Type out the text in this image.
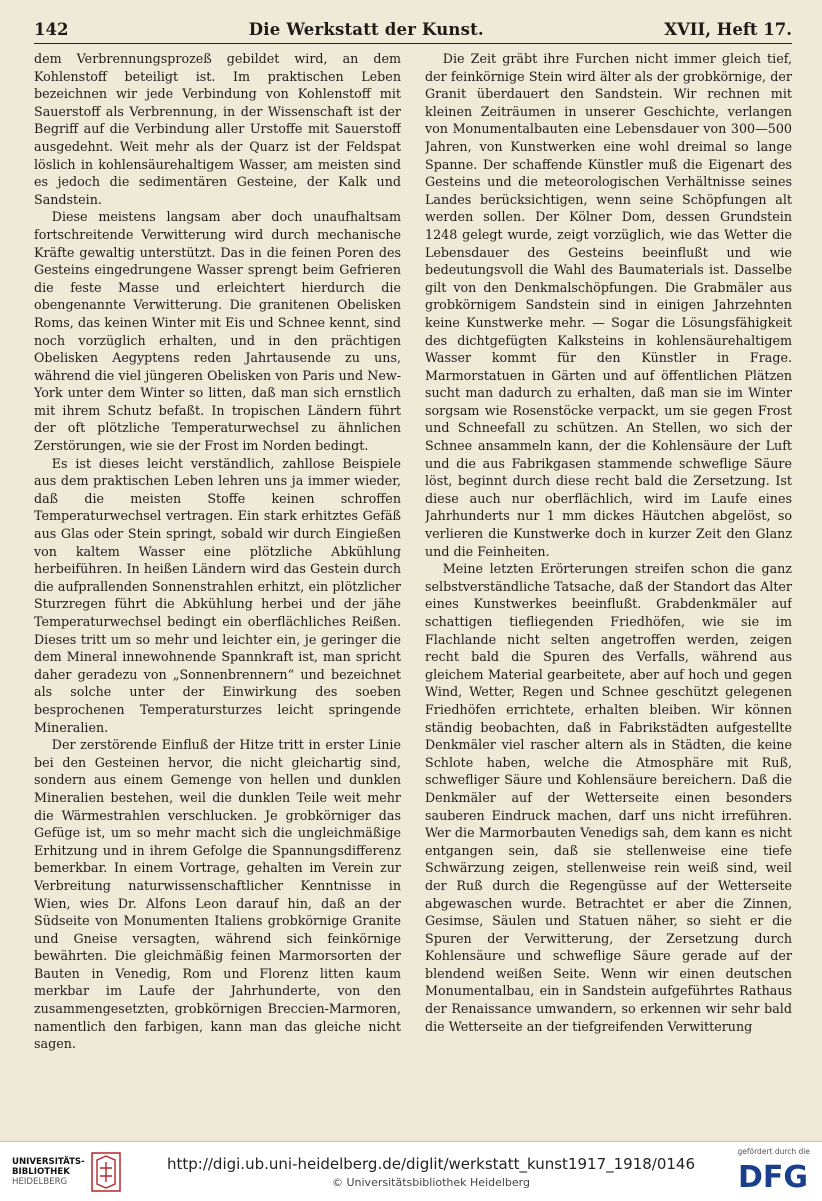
142	Die Werkstatt der Kunst.	XVII, Heft 17.

dem Verbrennungsprozeß gebildet wird, an dem Kohlenstoff beteiligt ist. Im praktischen Leben bezeichnen wir jede Verbindung von Kohlenstoff mit Sauerstoff als Verbrennung, in der Wissenschaft ist der Begriff auf die Verbindung aller Urstoffe mit Sauerstoff ausgedehnt. Weit mehr als der Quarz ist der Feldspat löslich in kohlensäurehaltigem Wasser, am meisten sind es jedoch die sedimentären Gesteine, der Kalk und Sandstein.

Diese meistens langsam aber doch unaufhaltsam fortschreitende Verwitterung wird durch mechanische Kräfte gewaltig unterstützt. Das in die feinen Poren des Gesteins eingedrungene Wasser sprengt beim Gefrieren die feste Masse und erleichtert hierdurch die obengenannte Verwitterung. Die granitenen Obelisken Roms, das keinen Winter mit Eis und Schnee kennt, sind noch vorzüglich erhalten, und in den prächtigen Obelisken Aegyptens reden Jahrtausende zu uns, während die viel jüngeren Obelisken von Paris und New-York unter dem Winter so litten, daß man sich ernstlich mit ihrem Schutz befaßt. In tropischen Ländern führt der oft plötzliche Temperaturwechsel zu ähnlichen Zerstörungen, wie sie der Frost im Norden bedingt.

Es ist dieses leicht verständlich, zahllose Beispiele aus dem praktischen Leben lehren uns ja immer wieder, daß die meisten Stoffe keinen schroffen Temperaturwechsel vertragen. Ein stark erhitztes Gefäß aus Glas oder Stein springt, sobald wir durch Eingießen von kaltem Wasser eine plötzliche Abkühlung herbeiführen. In heißen Ländern wird das Gestein durch die aufprallenden Sonnenstrahlen erhitzt, ein plötzlicher Sturzregen führt die Abkühlung herbei und der jähe Temperaturwechsel bedingt ein oberflächliches Reißen. Dieses tritt um so mehr und leichter ein, je geringer die dem Mineral innewohnende Spannkraft ist, man spricht daher geradezu von „Sonnenbrennern“ und bezeichnet als solche unter der Einwirkung des soeben besprochenen Temperatursturzes leicht springende Mineralien.

Der zerstörende Einfluß der Hitze tritt in erster Linie bei den Gesteinen hervor, die nicht gleichartig sind, sondern aus einem Gemenge von hellen und dunklen Mineralien bestehen, weil die dunklen Teile weit mehr die Wärmestrahlen verschlucken. Je grobkörniger das Gefüge ist, um so mehr macht sich die ungleichmäßige Erhitzung und in ihrem Gefolge die Spannungsdifferenz bemerkbar. In einem Vortrage, gehalten im Verein zur Verbreitung naturwissenschaftlicher Kenntnisse in Wien, wies Dr. Alfons Leon darauf hin, daß an der Südseite von Monumenten Italiens grobkörnige Granite und Gneise versagten, während sich feinkörnige bewährten. Die gleichmäßig feinen Marmorsorten der Bauten in Venedig, Rom und Florenz litten kaum merkbar im Laufe der Jahrhunderte, von den zusammengesetzten, grobkörnigen Breccien-Marmoren, namentlich den farbigen, kann man das gleiche nicht sagen.

Die Zeit gräbt ihre Furchen nicht immer gleich tief, der feinkörnige Stein wird älter als der grobkörnige, der Granit überdauert den Sandstein. Wir rechnen mit kleinen Zeiträumen in unserer Geschichte, verlangen von Monumentalbauten eine Lebensdauer von 300—500 Jahren, von Kunstwerken eine wohl dreimal so lange Spanne. Der schaffende Künstler muß die Eigenart des Gesteins und die meteorologischen Verhältnisse seines Landes berücksichtigen, wenn seine Schöpfungen alt werden sollen. Der Kölner Dom, dessen Grundstein 1248 gelegt wurde, zeigt vorzüglich, wie das Wetter die Lebensdauer des Gesteins beeinflußt und wie bedeutungsvoll die Wahl des Baumaterials ist. Dasselbe gilt von den Denkmalschöpfungen. Die Grabmäler aus grobkörnigem Sandstein sind in einigen Jahrzehnten keine Kunstwerke mehr. — Sogar die Lösungsfähigkeit des dichtgefügten Kalksteins in kohlensäurehaltigem Wasser kommt für den Künstler in Frage. Marmorstatuen in Gärten und auf öffentlichen Plätzen sucht man dadurch zu erhalten, daß man sie im Winter sorgsam wie Rosenstöcke verpackt, um sie gegen Frost und Schneefall zu schützen. An Stellen, wo sich der Schnee ansammeln kann, der die Kohlensäure der Luft und die aus Fabrikgasen stammende schweflige Säure löst, beginnt durch diese recht bald die Zersetzung. Ist diese auch nur oberflächlich, wird im Laufe eines Jahrhunderts nur 1 mm dickes Häutchen abgelöst, so verlieren die Kunstwerke doch in kurzer Zeit den Glanz und die Feinheiten.

Meine letzten Erörterungen streifen schon die ganz selbstverständliche Tatsache, daß der Standort das Alter eines Kunstwerkes beeinflußt. Grabdenkmäler auf schattigen tiefliegenden Friedhöfen, wie sie im Flachlande nicht selten angetroffen werden, zeigen recht bald die Spuren des Verfalls, während aus gleichem Material gearbeitete, aber auf hoch und gegen Wind, Wetter, Regen und Schnee geschützt gelegenen Friedhöfen errichtete, erhalten bleiben. Wir können ständig beobachten, daß in Fabrikstädten aufgestellte Denkmäler viel rascher altern als in Städten, die keine Schlote haben, welche die Atmosphäre mit Ruß, schwefliger Säure und Kohlensäure bereichern. Daß die Denkmäler auf der Wetterseite einen besonders sauberen Eindruck machen, darf uns nicht irreführen. Wer die Marmorbauten Venedigs sah, dem kann es nicht entgangen sein, daß sie stellenweise eine tiefe Schwärzung zeigen, stellenweise rein weiß sind, weil der Ruß durch die Regengüsse auf der Wetterseite abgewaschen wurde. Betrachtet er aber die Zinnen, Gesimse, Säulen und Statuen näher, so sieht er die Spuren der Verwitterung, der Zersetzung durch Kohlensäure und schweflige Säure gerade auf der blendend weißen Seite. Wenn wir einen deutschen Monumentalbau, ein in Sandstein aufgeführtes Rathaus der Renaissance umwandern, so erkennen wir sehr bald die Wetterseite an der tiefgreifenden Verwitterung

UNIVERSITÄTS-
BIBLIOTHEK
HEIDELBERG
http://digi.ub.uni-heidelberg.de/diglit/werkstatt_kunst1917_1918/0146
© Universitätsbibliothek Heidelberg
gefördert durch die
DFG
